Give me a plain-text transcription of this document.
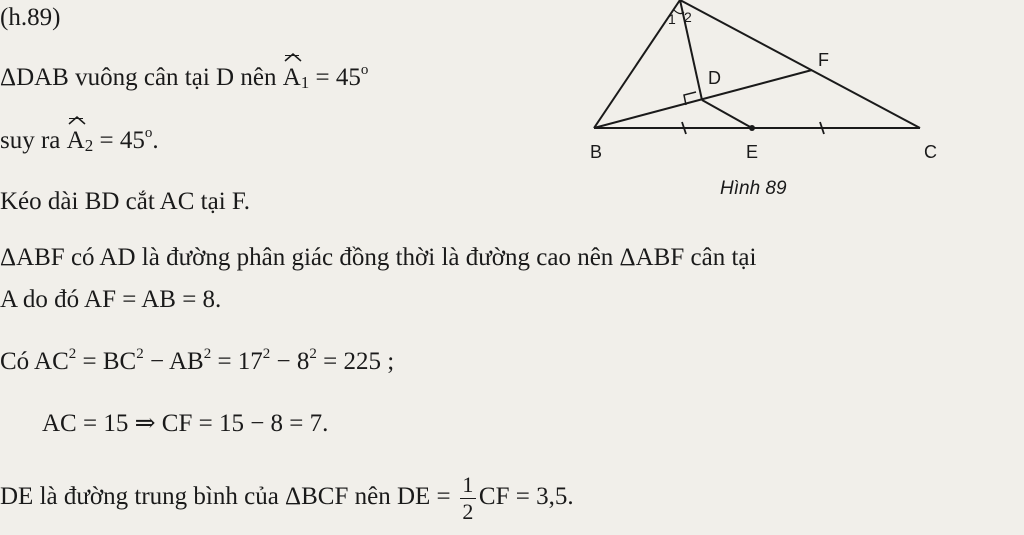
(h.89)
ΔDAB vuông cân tại D nên
$A1 = 45^o$
suy ra
$A2 = 45^o$.
Kéo dài BD cắt AC tại F.
ΔABF có AD là đường phân giác đồng thời là đường cao nên ΔABF cân tại
A do đó AF = AB = 8.
Có $AC^2 = BC^2 - AB^2 = 17^2 - 8^2 = 225$ ;
AC = 15 ⇒ CF = 15 − 8 = 7.
DE là đường trung bình của ΔBCF nên DE = $\frac{1}{2}$ CF = 3,5.
1 2
D
F
B	E	C
Hình 89
